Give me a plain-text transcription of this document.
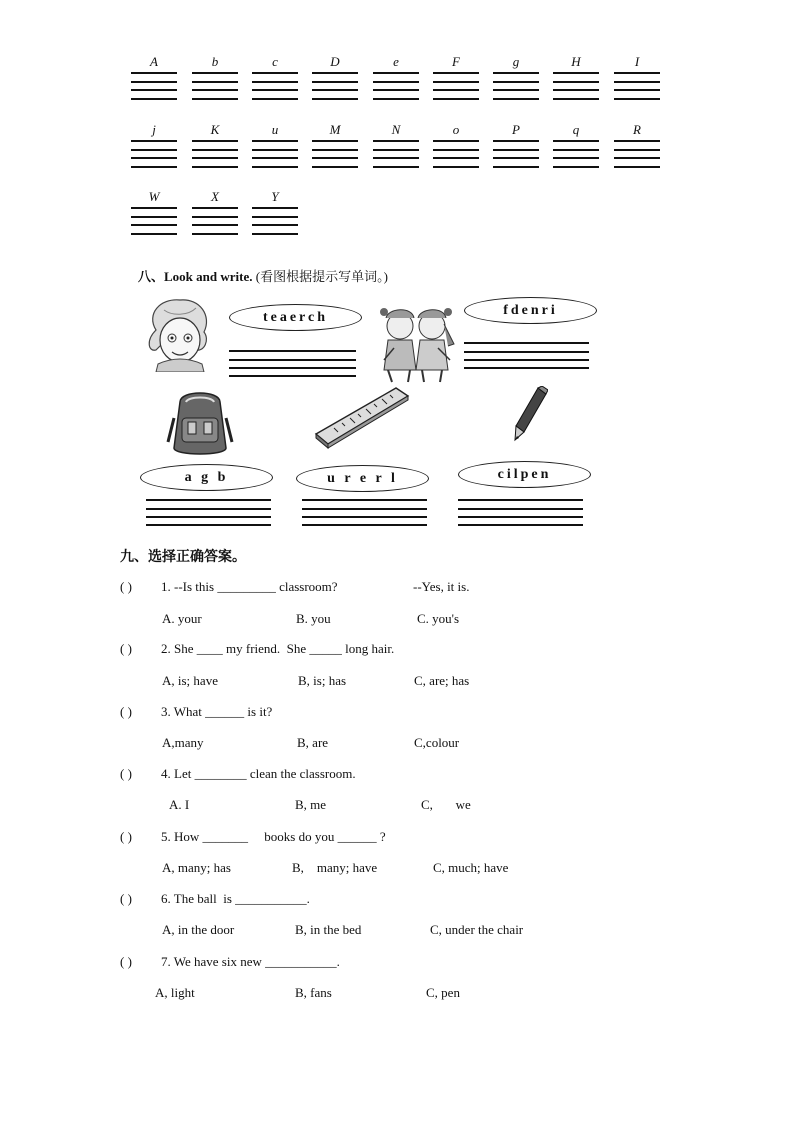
A	b	c	D	e	F	g	H	I
j	K	u	M	N	o	P	q	R
W	X	Y
八、Look and write. (看图根据提示写单词。)
teaerch	fdenri
a g b	u r e r l	cilpen
九、选择正确答案。
( ) 1. --Is this _________ classroom?	--Yes, it is.
A. your	B. you	C. you's
( ) 2. She ____ my friend.  She _____ long hair.
A, is; have	B, is; has	C, are; has
( ) 3. What ______ is it?
A,many	B, are	C,colour
( ) 4. Let ________ clean the classroom.
A. I	B, me	C,       we
( ) 5. How _______     books do you ______ ?
A, many; has	B,    many; have	C, much; have
( ) 6. The ball  is ___________.
A, in the door	B, in the bed	C, under the chair
( ) 7. We have six new ___________.
A, light	B, fans	C, pen
